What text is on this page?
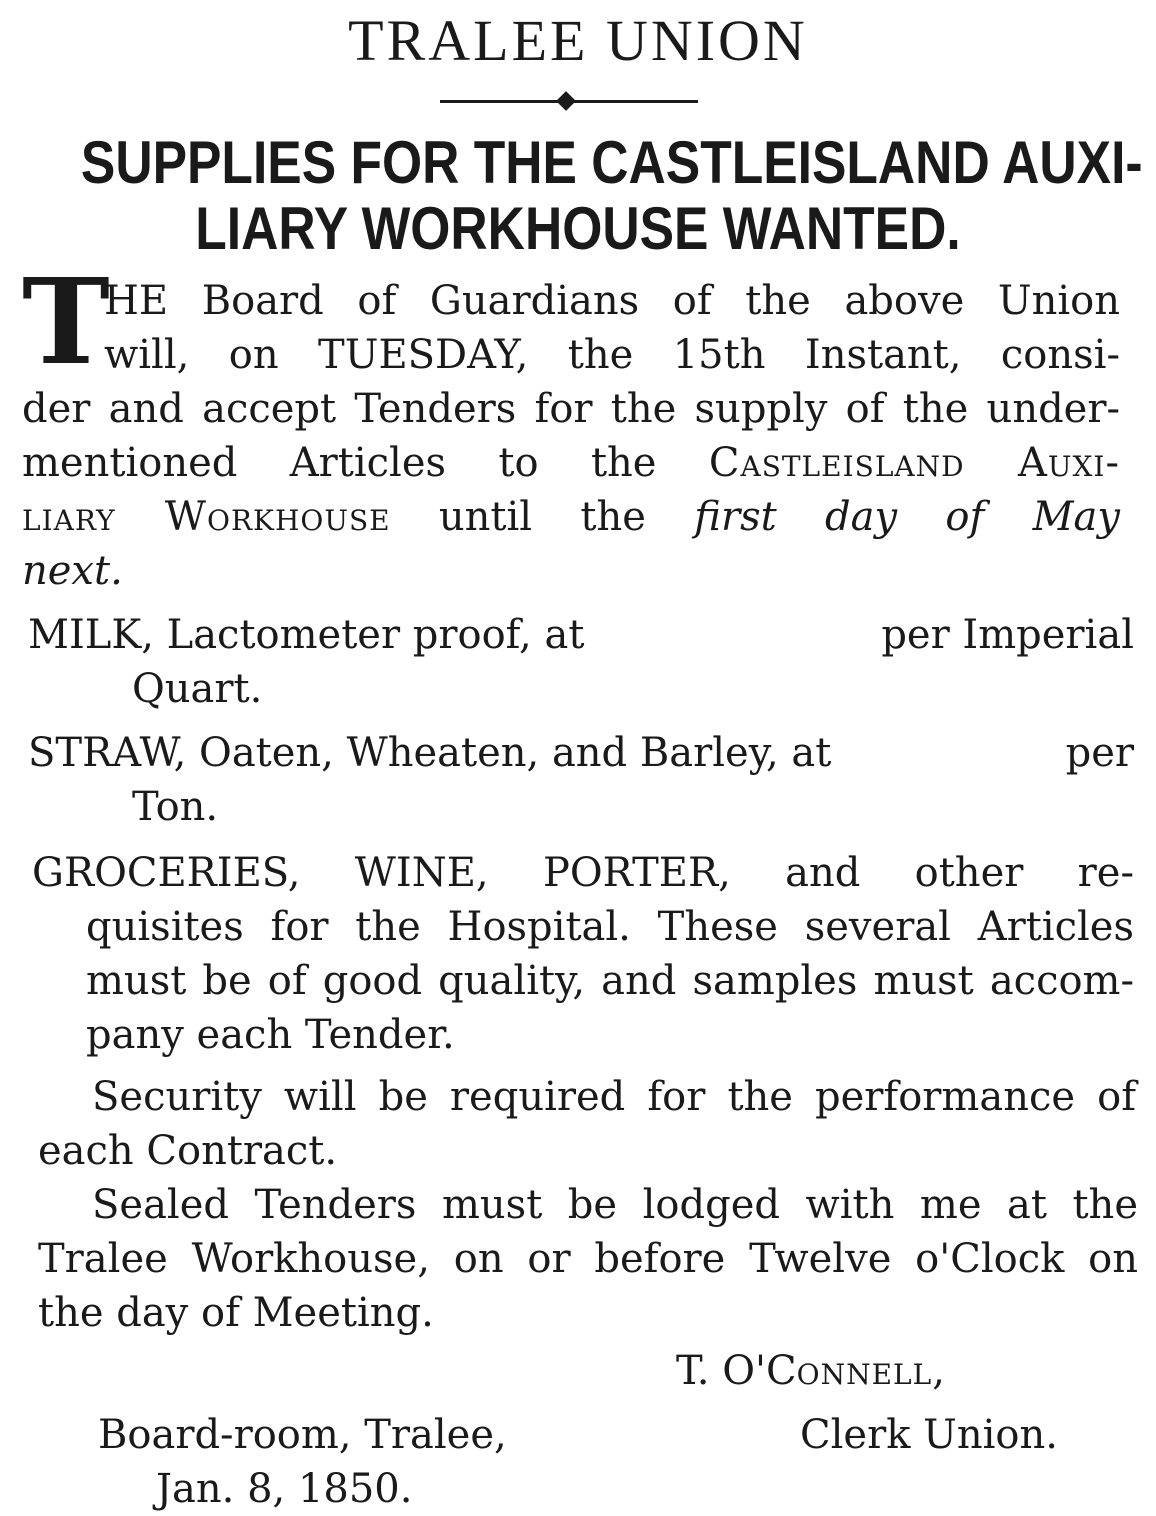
TRALEE UNION
SUPPLIES FOR THE CASTLEISLAND AUXI-
LIARY WORKHOUSE WANTED.
T
HE Board of Guardians of the above Union
will, on TUESDAY, the 15th Instant, consi-
der and accept Tenders for the supply of the under-
mentioned Articles to the Castleisland Auxi-
liary Workhouse until the first day of May
next.
MILK, Lactometer proof, at	per Imperial
Quart.
STRAW, Oaten, Wheaten, and Barley, at	per
Ton.
GROCERIES, WINE, PORTER, and other re-
quisites for the Hospital. These several Articles
must be of good quality, and samples must accom-
pany each Tender.
Security will be required for the performance of
each Contract.
Sealed Tenders must be lodged with me at the
Tralee Workhouse, on or before Twelve o'Clock on
the day of Meeting.
T. O'Connell,
Board-room, Tralee,	Clerk Union.
Jan. 8, 1850.
